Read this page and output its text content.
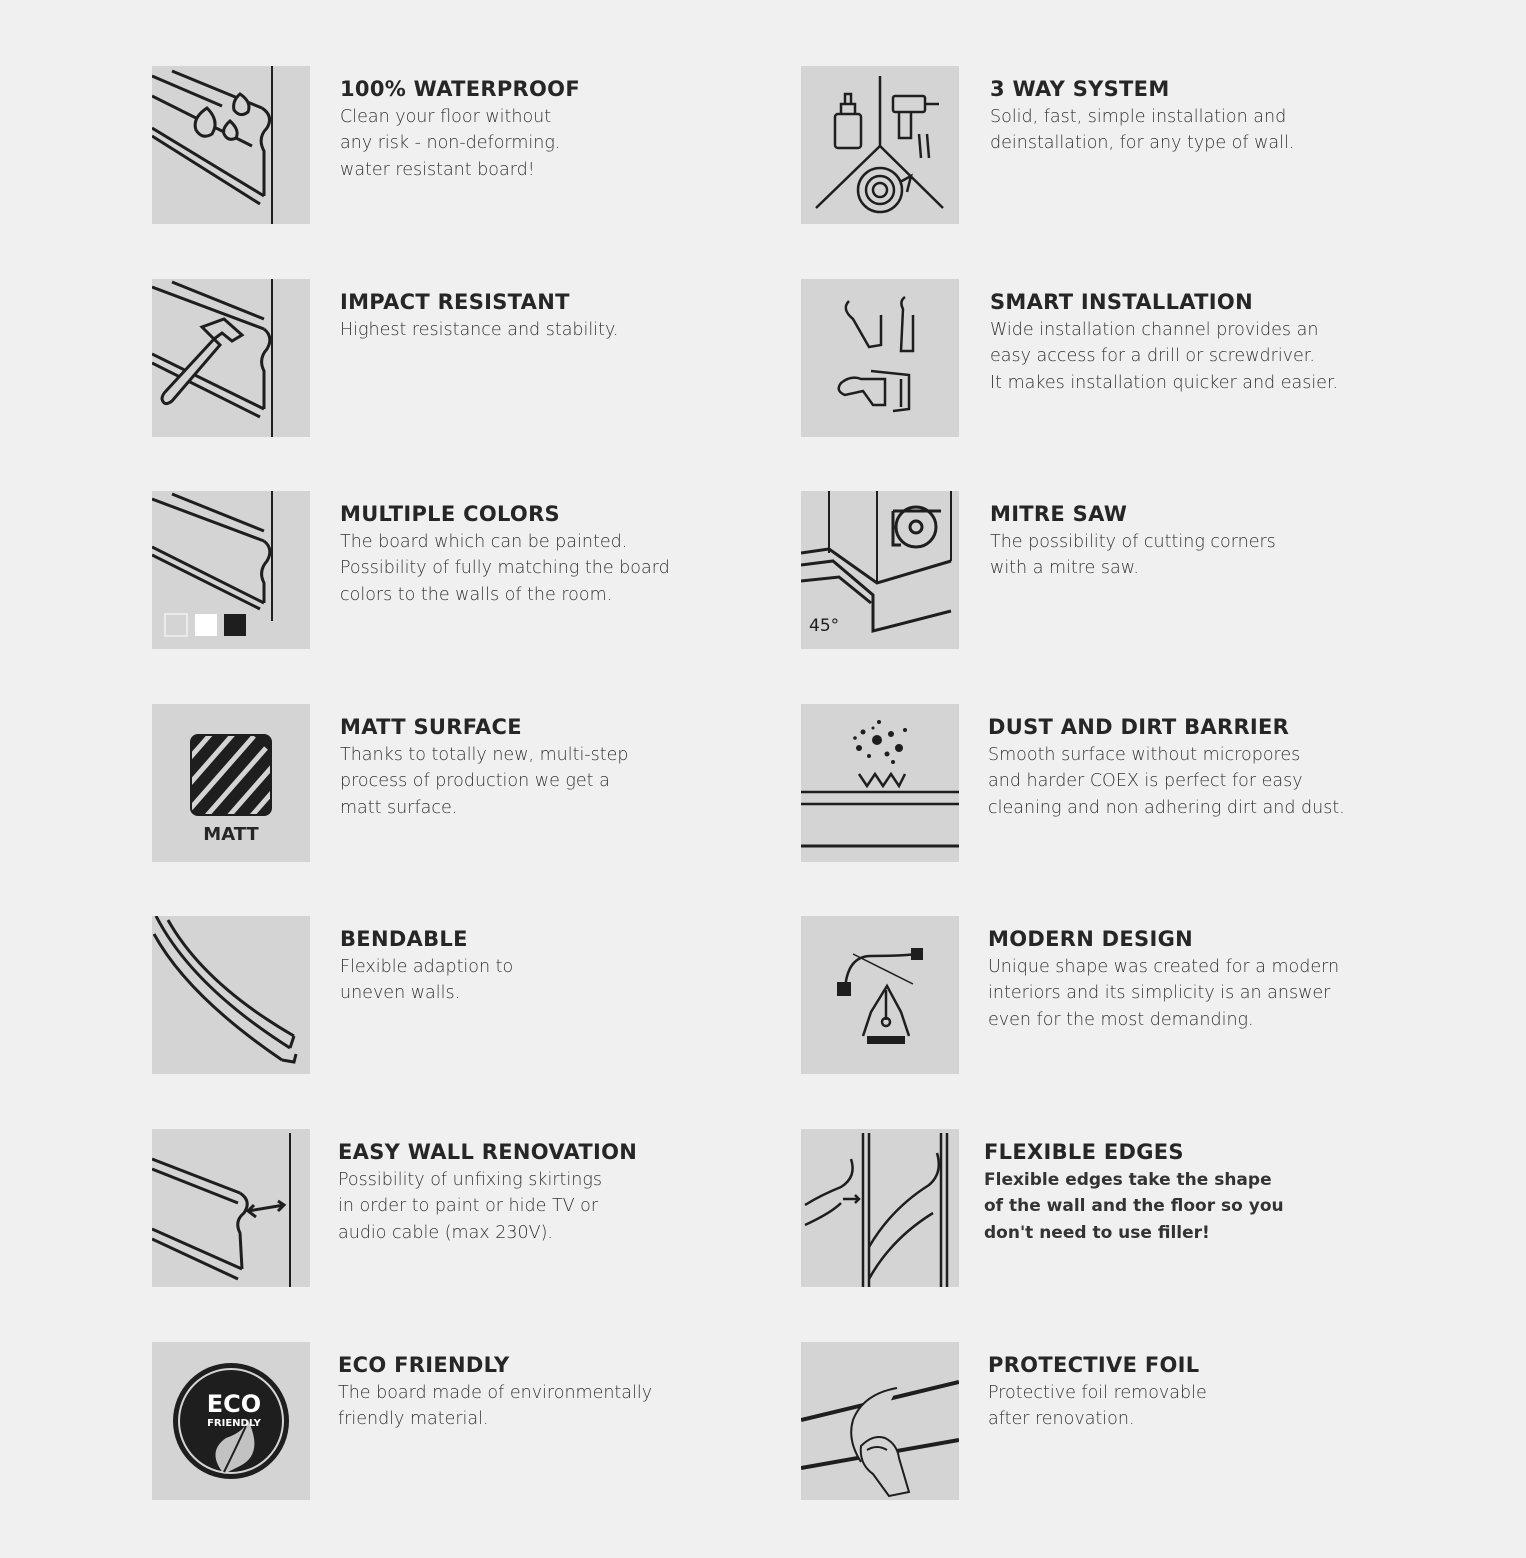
100% WATERPROOF
Clean your floor without
any risk - non-deforming.
water resistant board!
3 WAY SYSTEM
Solid, fast, simple installation and
deinstallation, for any type of wall.
IMPACT RESISTANT
Highest resistance and stability.
SMART INSTALLATION
Wide installation channel provides an
easy access for a drill or screwdriver.
It makes installation quicker and easier.
MULTIPLE COLORS
The board which can be painted.
Possibility of fully matching the board
colors to the walls of the room.
45°
MITRE SAW
The possibility of cutting corners
with a mitre saw.
MATT
MATT SURFACE
Thanks to totally new, multi-step
process of production we get a
matt surface.
DUST AND DIRT BARRIER
Smooth surface without micropores
and harder COEX is perfect for easy
cleaning and non adhering dirt and dust.
BENDABLE
Flexible adaption to
uneven walls.
MODERN DESIGN
Unique shape was created for a modern
interiors and its simplicity is an answer
even for the most demanding.
EASY WALL RENOVATION
Possibility of unfixing skirtings
in order to paint or hide TV or
audio cable (max 230V).
FLEXIBLE EDGES
Flexible edges take the shape
of the wall and the floor so you
don't need to use filler!
ECO
FRIENDLY
ECO FRIENDLY
The board made of environmentally
friendly material.
PROTECTIVE FOIL
Protective foil removable
after renovation.
